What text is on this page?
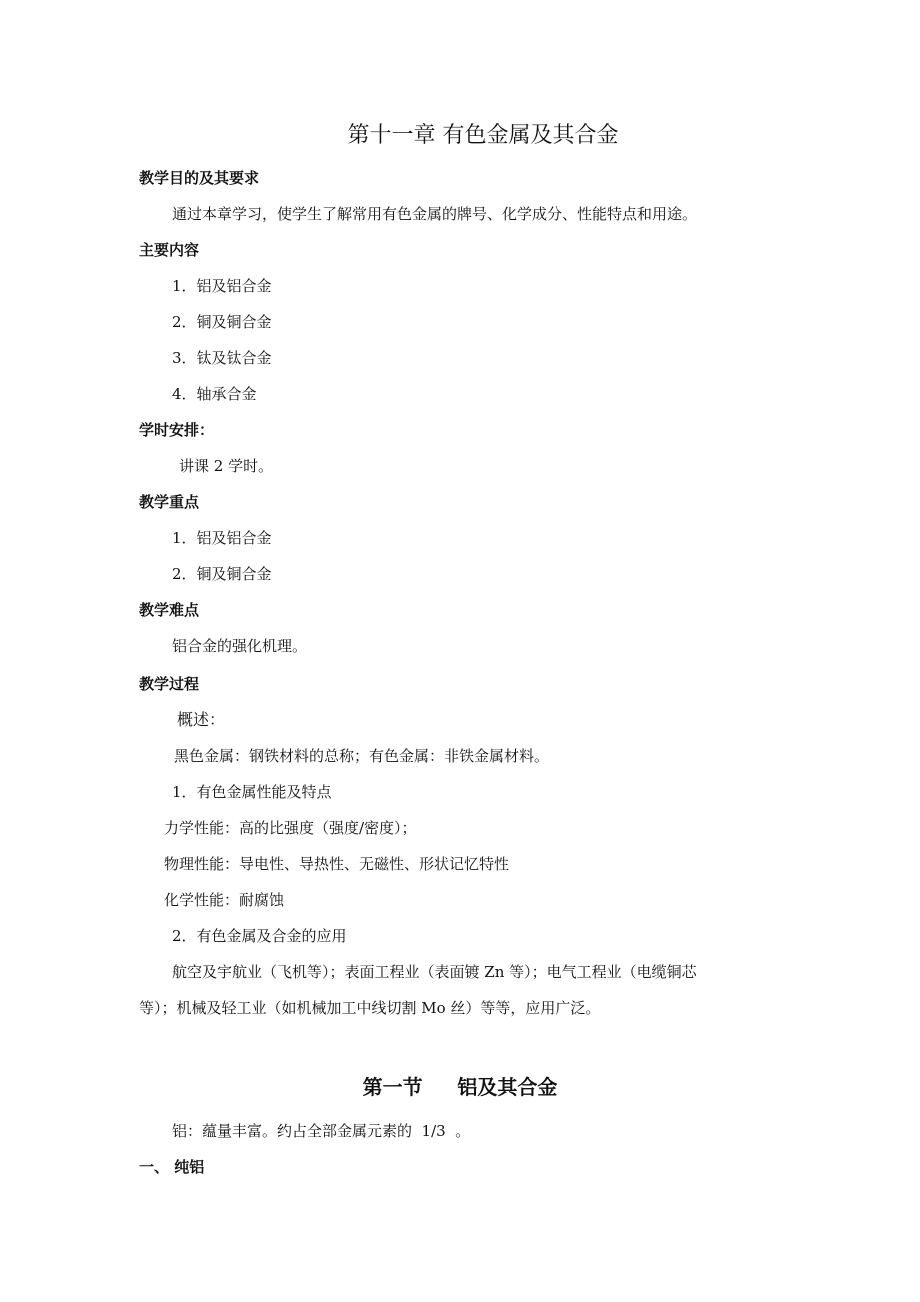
第十一章 有色金属及其合金
教学目的及其要求
通过本章学习，使学生了解常用有色金属的牌号、化学成分、性能特点和用途。
主要内容
1．铝及铝合金
2．铜及铜合金
3．钛及钛合金
4．轴承合金
学时安排：
讲课 2 学时。
教学重点
1．铝及铝合金
2．铜及铜合金
教学难点
铝合金的强化机理。
教学过程
概述：
黑色金属：钢铁材料的总称；有色金属：非铁金属材料。
1．有色金属性能及特点
力学性能：高的比强度（强度/密度）；
物理性能：导电性、导热性、无磁性、形状记忆特性
化学性能：耐腐蚀
2．有色金属及合金的应用
航空及宇航业（飞机等）；表面工程业（表面镀 Zn 等）；电气工程业（电缆铜芯
等）；机械及轻工业（如机械加工中线切割 Mo 丝）等等，应用广泛。
第一节     铝及其合金
铝：蕴量丰富。约占全部金属元素的  1/3  。
一、 纯铝
